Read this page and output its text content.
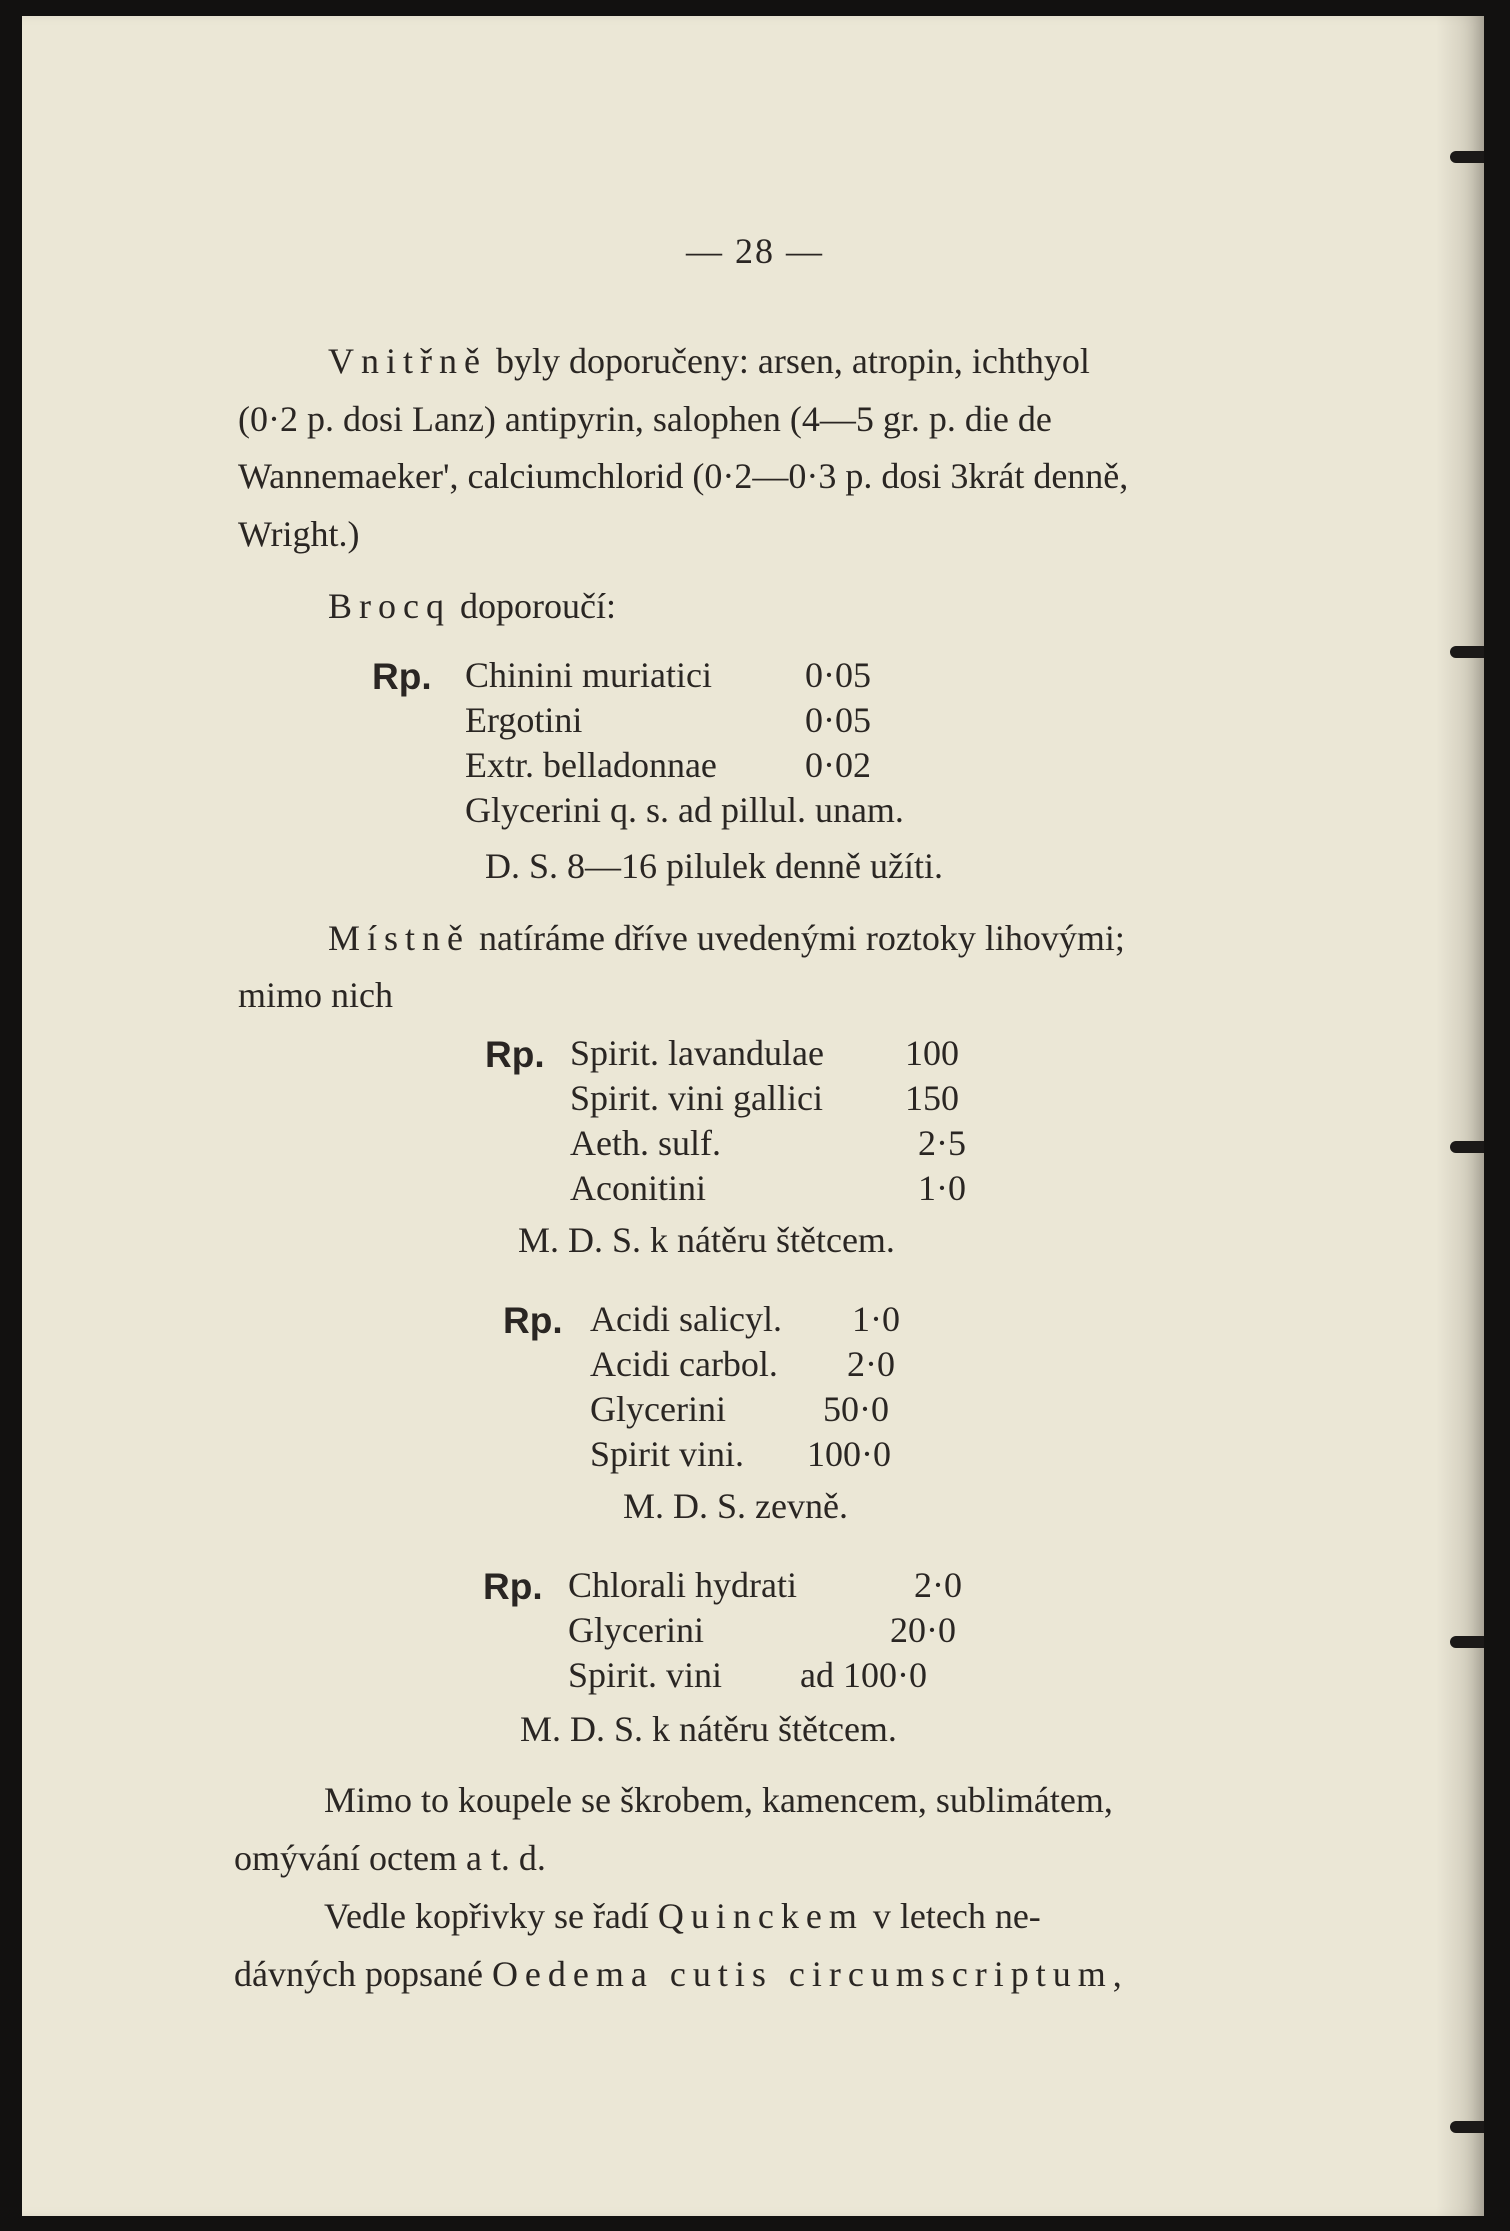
— 28 —
Vnitřně byly doporučeny: arsen, atropin, ichthyol
(0·2 p. dosi Lanz) antipyrin, salophen (4—5 gr. p. die de
Wannemaeker', calciumchlorid (0·2—0·3 p. dosi 3krát denně,
Wright.)
Brocq doporoučí:
Rp. Chinini muriatici	0·05
Ergotini	0·05
Extr. belladonnae 0·02
Glycerini q. s. ad pillul. unam.
D. S. 8—16 pilulek denně užíti.
Místně natíráme dříve uvedenými roztoky lihovými;
mimo nich
Rp. Spirit. lavandulae 100
Spirit. vini gallici 150
Aeth. sulf.	2·5
Aconitini	1·0
M. D. S. k nátěru štětcem.
Rp. Acidi salicyl. 1·0
Acidi carbol. 2·0
Glycerini	50·0
Spirit vini. 100·0
M. D. S. zevně.
Rp. Chlorali hydrati	2·0
Glycerini	20·0
Spirit. vini ad 100·0
M. D. S. k nátěru štětcem.
Mimo to koupele se škrobem, kamencem, sublimátem,
omývání octem a t. d.
Vedle kopřivky se řadí Quinckem v letech ne-
dávných popsané Oedema cutis circumscriptum,
